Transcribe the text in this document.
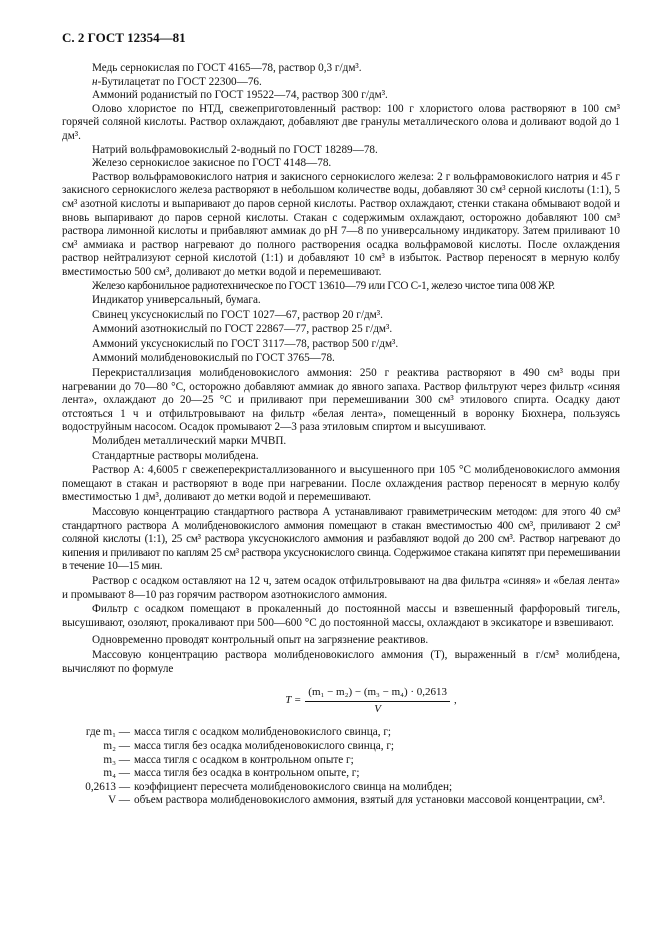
С. 2 ГОСТ 12354—81

Медь сернокислая по ГОСТ 4165—78, раствор 0,3 г/дм³.

н-Бутилацетат по ГОСТ 22300—76.

Аммоний роданистый по ГОСТ 19522—74, раствор 300 г/дм³.

Олово хлористое по НТД, свежеприготовленный раствор: 100 г хлористого олова растворяют в 100 см³ горячей соляной кислоты. Раствор охлаждают, добавляют две гранулы металлического олова и доливают водой до 1 дм³.

Натрий вольфрамовокислый 2-водный по ГОСТ 18289—78.

Железо сернокислое закисное по ГОСТ 4148—78.

Раствор вольфрамовокислого натрия и закисного сернокислого железа: 2 г вольфрамовокислого натрия и 45 г закисного сернокислого железа растворяют в небольшом количестве воды, добавляют 30 см³ серной кислоты (1:1), 5 см³ азотной кислоты и выпаривают до паров серной кислоты. Раствор охлаждают, стенки стакана обмывают водой и вновь выпаривают до паров серной кислоты. Стакан с содержимым охлаждают, осторожно добавляют 100 см³ раствора лимонной кислоты и прибавляют аммиак до pH 7—8 по универсальному индикатору. Затем приливают 10 см³ аммиака и раствор нагревают до полного растворения осадка вольфрамовой кислоты. После охлаждения раствор нейтрализуют серной кислотой (1:1) и добавляют 10 см³ в избыток. Раствор переносят в мерную колбу вместимостью 500 см³, доливают до метки водой и перемешивают.

Железо карбонильное радиотехническое по ГОСТ 13610—79 или ГСО С-1, железо чистое типа 008 ЖР.

Индикатор универсальный, бумага.

Свинец уксуснокислый по ГОСТ 1027—67, раствор 20 г/дм³.

Аммоний азотнокислый по ГОСТ 22867—77, раствор 25 г/дм³.

Аммоний уксуснокислый по ГОСТ 3117—78, раствор 500 г/дм³.

Аммоний молибденовокислый по ГОСТ 3765—78.

Перекристаллизация молибденовокислого аммония: 250 г реактива растворяют в 490 см³ воды при нагревании до 70—80 °С, осторожно добавляют аммиак до явного запаха. Раствор фильтруют через фильтр «синяя лента», охлаждают до 20—25 °С и приливают при перемешивании 300 см³ этилового спирта. Осадку дают отстояться 1 ч и отфильтровывают на фильтр «белая лента», помещенный в воронку Бюхнера, пользуясь водоструйным насосом. Осадок промывают 2—3 раза этиловым спиртом и высушивают.

Молибден металлический марки МЧВП.

Стандартные растворы молибдена.

Раствор А: 4,6005 г свежеперекристаллизованного и высушенного при 105 °С молибденовокислого аммония помещают в стакан и растворяют в воде при нагревании. После охлаждения раствор переносят в мерную колбу вместимостью 1 дм³, доливают до метки водой и перемешивают.

Массовую концентрацию стандартного раствора А устанавливают гравиметрическим методом: для этого 40 см³ стандартного раствора А молибденовокислого аммония помещают в стакан вместимостью 400 см³, приливают 2 см³ соляной кислоты (1:1), 25 см³ раствора уксуснокислого аммония и разбавляют водой до 200 см³. Раствор нагревают до кипения и приливают по каплям 25 см³ раствора уксуснокислого свинца. Содержимое стакана кипятят при перемешивании в течение 10—15 мин.

Раствор с осадком оставляют на 12 ч, затем осадок отфильтровывают на два фильтра «синяя» и «белая лента» и промывают 8—10 раз горячим раствором азотнокислого аммония.

Фильтр с осадком помещают в прокаленный до постоянной массы и взвешенный фарфоровый тигель, высушивают, озоляют, прокаливают при 500—600 °С до постоянной массы, охлаждают в эксикаторе и взвешивают.

Одновременно проводят контрольный опыт на загрязнение реактивов.

Массовую концентрацию раствора молибденовокислого аммония (T), выраженный в г/см³ молибдена, вычисляют по формуле

$T = \frac{\text{(m₁ − m₂) − (m₃ − m₄) · 0,2613}}{V}$ ,
где m₁ — масса тигля с осадком молибденовокислого свинца, г;
m₂ — масса тигля без осадка молибденовокислого свинца, г;
m₃ — масса тигля с осадком в контрольном опыте г;
m₄ — масса тигля без осадка в контрольном опыте, г;
0,2613 — коэффициент пересчета молибденовокислого свинца на молибден;
V — объем раствора молибденовокислого аммония, взятый для установки массовой концентрации, см³.
